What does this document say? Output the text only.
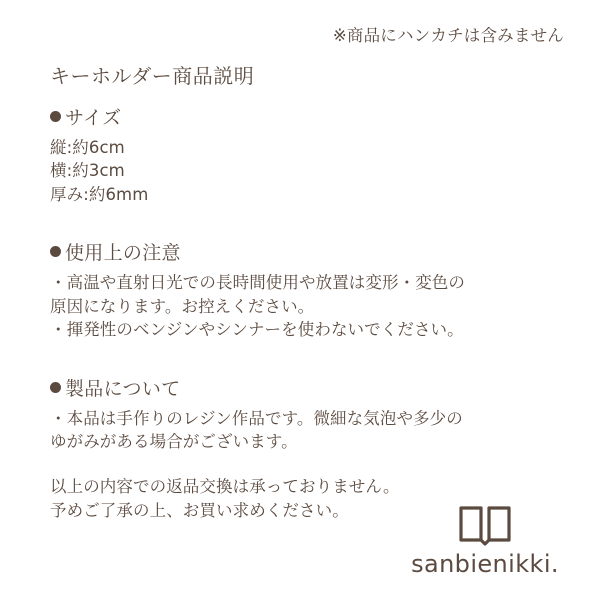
※商品にハンカチは含みません
キーホルダー商品説明
サイズ

縦:約6cm

横:約3cm

厚み:約6mm

使用上の注意

・高温や直射日光での長時間使用や放置は変形・変色の

原因になります。お控えください。

・揮発性のベンジンやシンナーを使わないでください。

製品について

・本品は手作りのレジン作品です。微細な気泡や多少の

ゆがみがある場合がございます。

以上の内容での返品交換は承っておりません。

予めご了承の上、お買い求めください。

sanbienikki.
